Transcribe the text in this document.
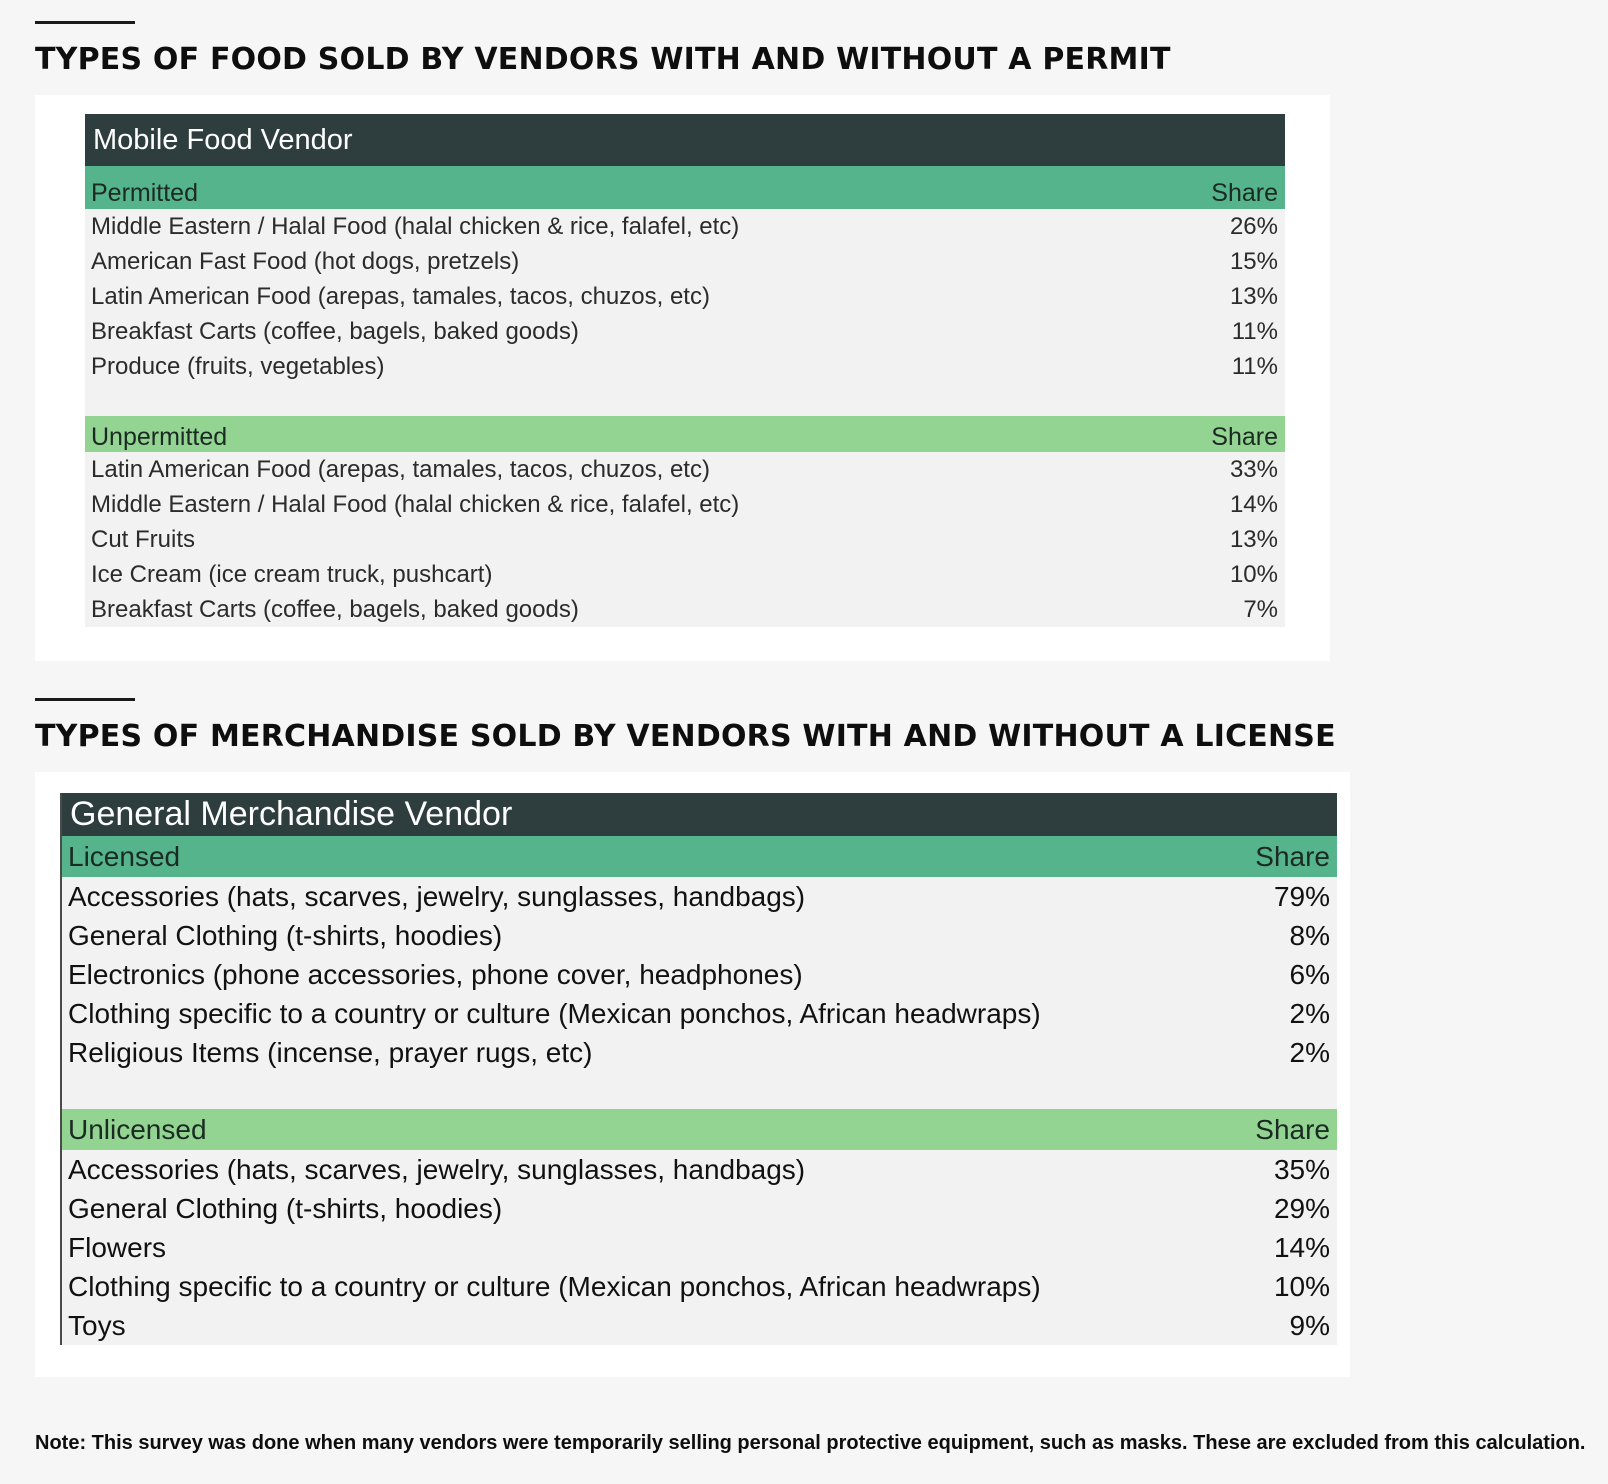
TYPES OF FOOD SOLD BY VENDORS WITH AND WITHOUT A PERMIT
Mobile Food Vendor
Permitted	Share
Middle Eastern / Halal Food (halal chicken & rice, falafel, etc)	26%
American Fast Food (hot dogs, pretzels)	15%
Latin American Food (arepas, tamales, tacos, chuzos, etc)	13%
Breakfast Carts (coffee, bagels, baked goods)	11%
Produce (fruits, vegetables)	11%
Unpermitted	Share
Latin American Food (arepas, tamales, tacos, chuzos, etc)	33%
Middle Eastern / Halal Food (halal chicken & rice, falafel, etc)	14%
Cut Fruits	13%
Ice Cream (ice cream truck, pushcart)	10%
Breakfast Carts (coffee, bagels, baked goods)	7%
TYPES OF MERCHANDISE SOLD BY VENDORS WITH AND WITHOUT A LICENSE
General Merchandise Vendor
Licensed	Share
Accessories (hats, scarves, jewelry, sunglasses, handbags)	79%
General Clothing (t-shirts, hoodies)	8%
Electronics (phone accessories, phone cover, headphones)	6%
Clothing specific to a country or culture (Mexican ponchos, African headwraps)	2%
Religious Items (incense, prayer rugs, etc)	2%
Unlicensed	Share
Accessories (hats, scarves, jewelry, sunglasses, handbags)	35%
General Clothing (t-shirts, hoodies)	29%
Flowers	14%
Clothing specific to a country or culture (Mexican ponchos, African headwraps)	10%
Toys	9%

Note: This survey was done when many vendors were temporarily selling personal protective equipment, such as masks. These are excluded from this calculation.
